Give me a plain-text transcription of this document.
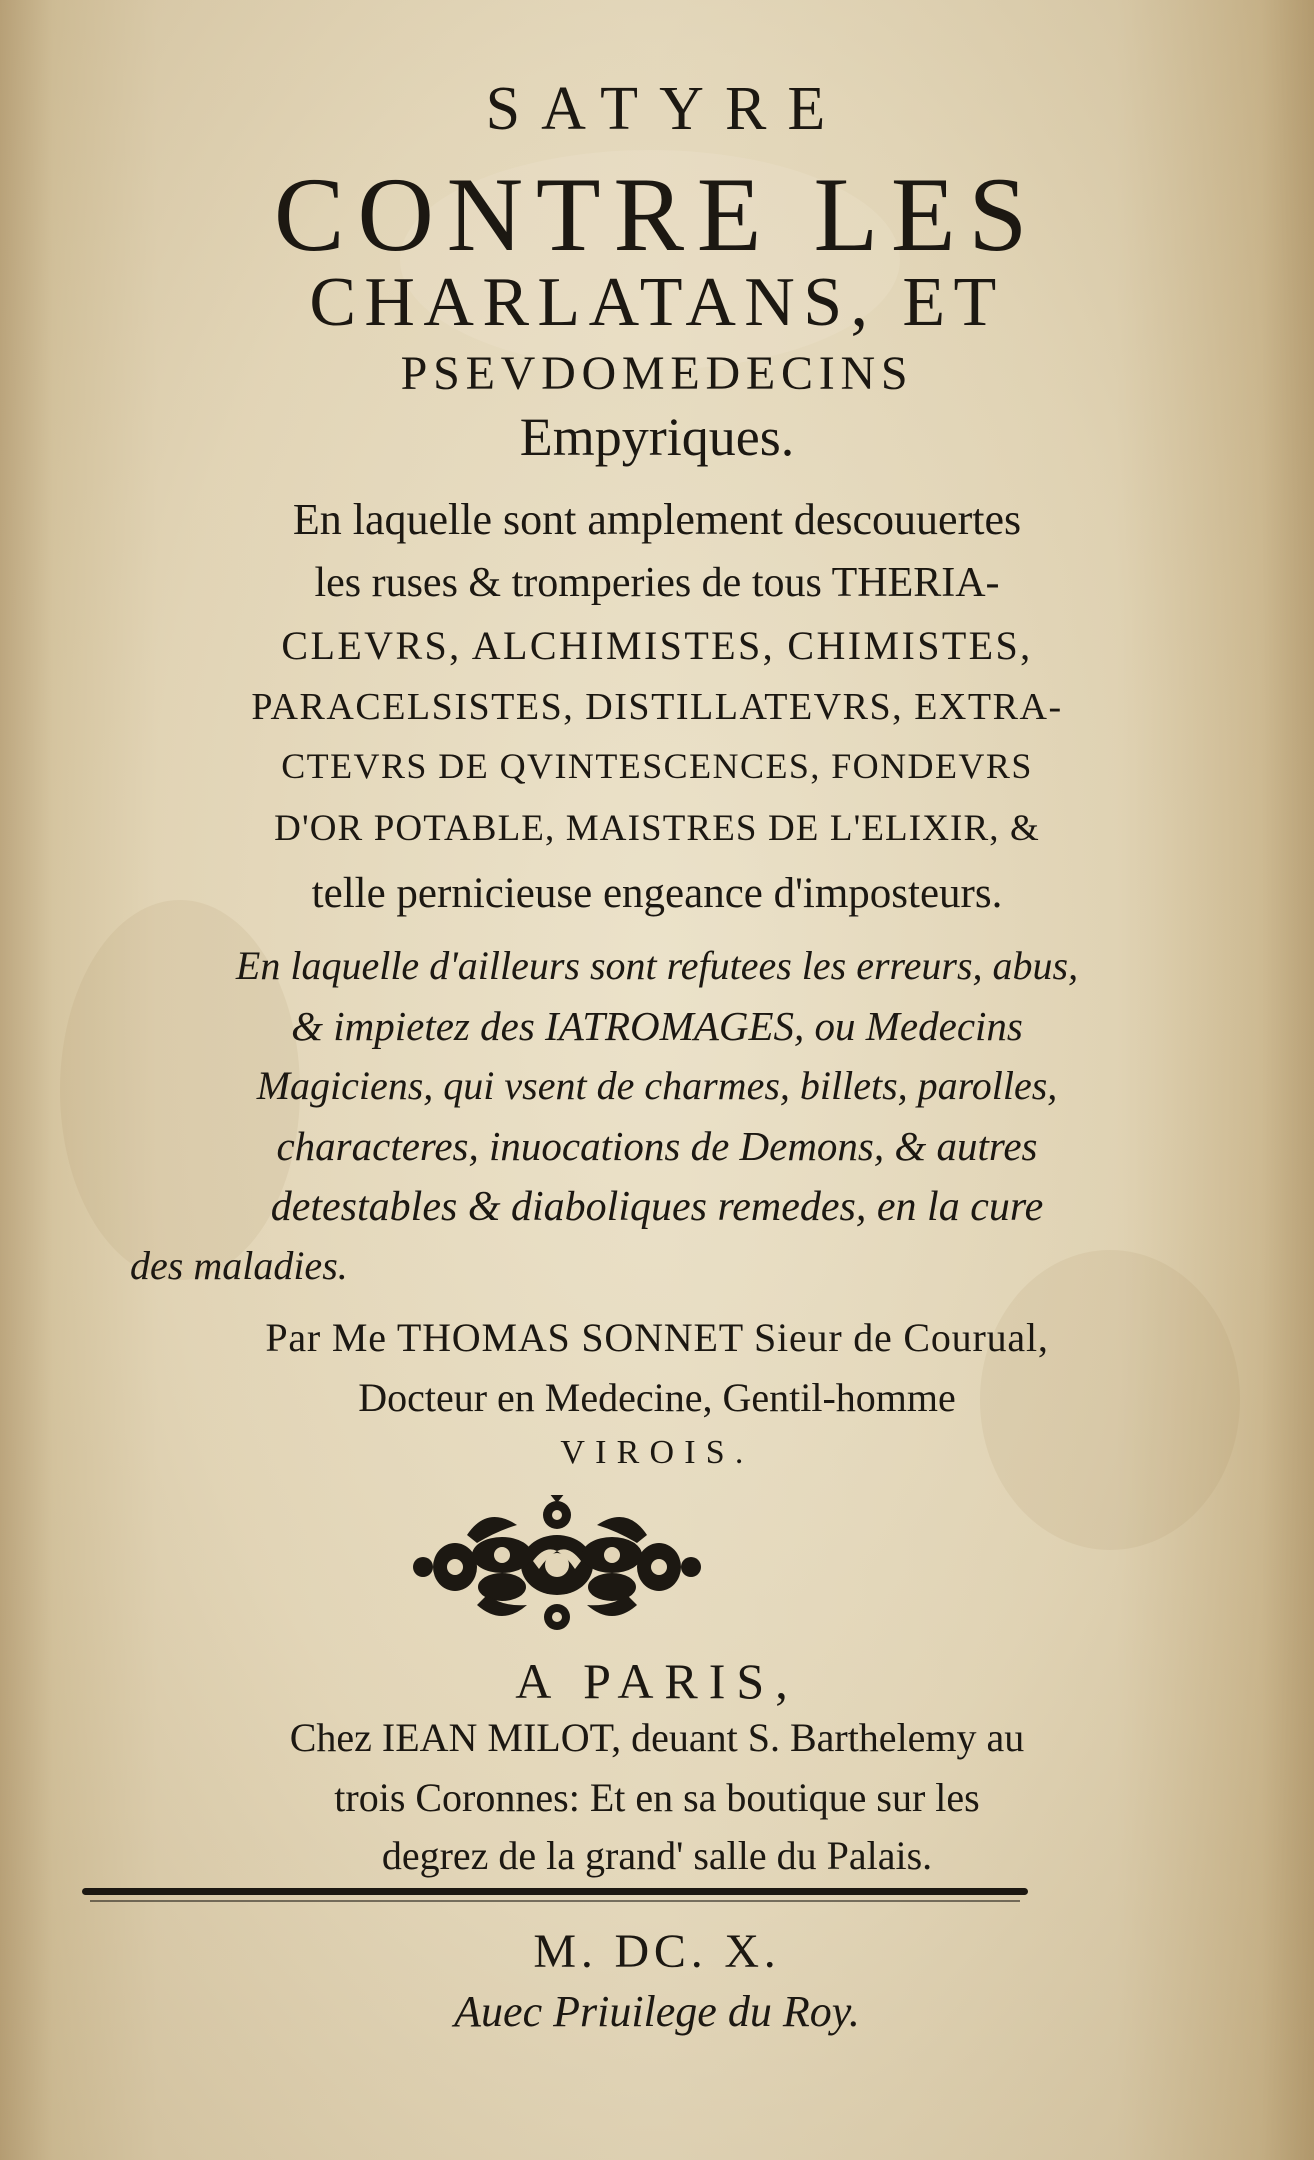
SATYRE
CONTRE LES
CHARLATANS, ET
PSEVDOMEDECINS
Empyriques.
En laquelle sont amplement descouuertes
les ruses & tromperies de tous THERIA-
CLEVRS, ALCHIMISTES, CHIMISTES,
PARACELSISTES, DISTILLATEVRS, EXTRA-
CTEVRS DE QVINTESCENCES, FONDEVRS
D'OR POTABLE, MAISTRES DE L'ELIXIR, &
telle pernicieuse engeance d'imposteurs.
En laquelle d'ailleurs sont refutees les erreurs, abus,
& impietez des IATROMAGES, ou Medecins
Magiciens, qui vsent de charmes, billets, parolles,
characteres, inuocations de Demons, & autres
detestables & diaboliques remedes, en la cure
des maladies.
Par Me THOMAS SONNET Sieur de Courual,
Docteur en Medecine, Gentil-homme
VIROIS.
A PARIS,
Chez IEAN MILOT, deuant S. Barthelemy au
trois Coronnes: Et en sa boutique sur les
degrez de la grand' salle du Palais.
M. DC. X.
Auec Priuilege du Roy.
